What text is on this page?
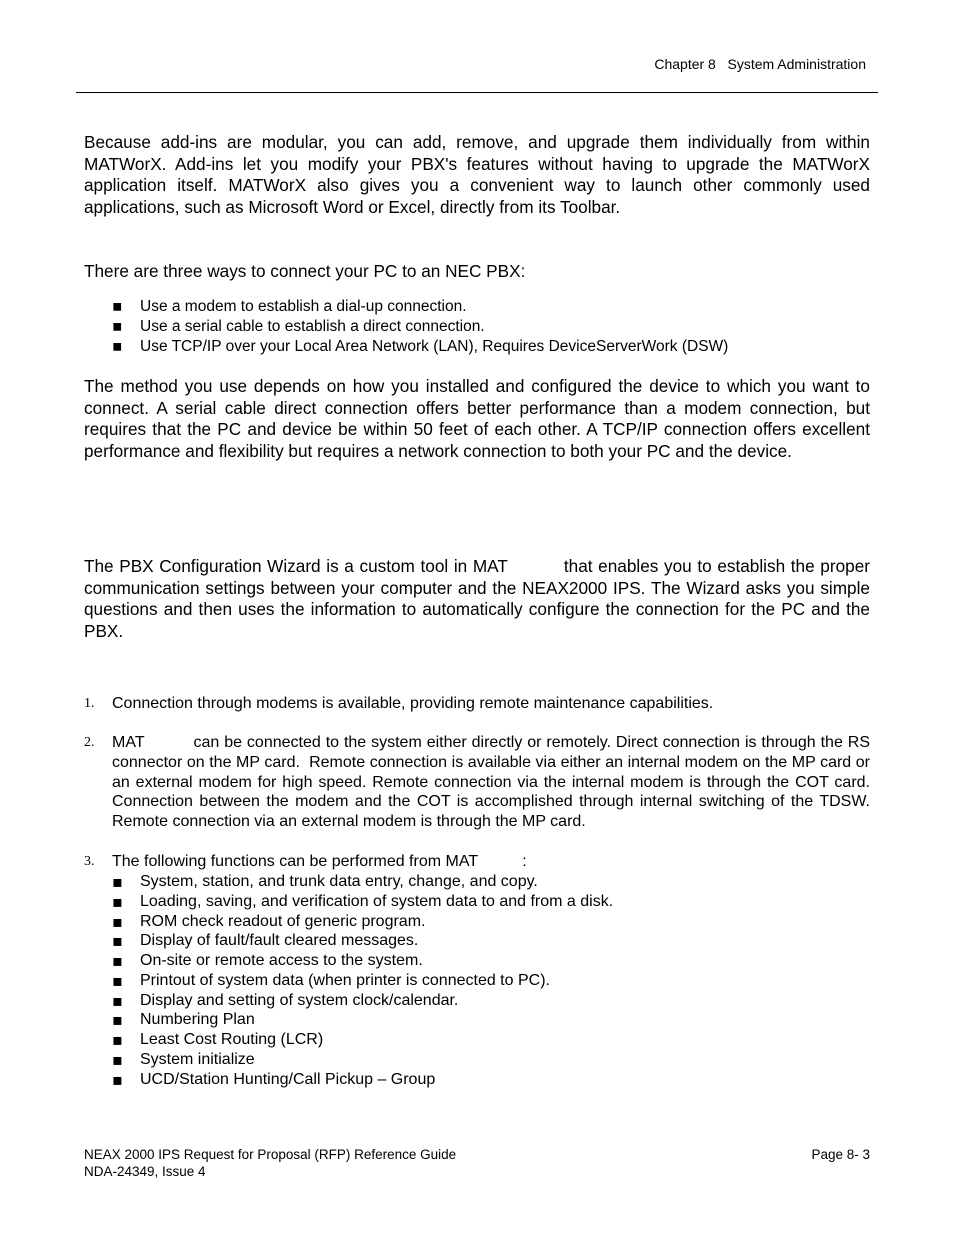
Chapter 8   System Administration
Because add-ins are modular, you can add, remove, and upgrade them individually from within MATWorX. Add-ins let you modify your PBX's features without having to upgrade the MATWorX application itself. MATWorX also gives you a convenient way to launch other commonly used applications, such as Microsoft Word or Excel, directly from its Toolbar.
There are three ways to connect your PC to an NEC PBX:
▪ Use a modem to establish a dial-up connection.
▪ Use a serial cable to establish a direct connection.
▪ Use TCP/IP over your Local Area Network (LAN), Requires DeviceServerWork (DSW)
The method you use depends on how you installed and configured the device to which you want to connect. A serial cable direct connection offers better performance than a modem connection, but requires that the PC and device be within 50 feet of each other. A TCP/IP connection offers excellent performance and flexibility but requires a network connection to both your PC and the device.
The PBX Configuration Wizard is a custom tool in MAT          that enables you to establish the proper communication settings between your computer and the NEAX2000 IPS. The Wizard asks you simple questions and then uses the information to automatically configure the connection for the PC and the PBX.
1. Connection through modems is available, providing remote maintenance capabilities.
2. MAT          can be connected to the system either directly or remotely. Direct connection is through the RS connector on the MP card.  Remote connection is available via either an internal modem on the MP card or an external modem for high speed. Remote connection via the internal modem is through the COT card. Connection between the modem and the COT is accomplished through internal switching of the TDSW. Remote connection via an external modem is through the MP card.
3. The following functions can be performed from MAT          :
▪ System, station, and trunk data entry, change, and copy.
▪ Loading, saving, and verification of system data to and from a disk.
▪ ROM check readout of generic program.
▪ Display of fault/fault cleared messages.
▪ On-site or remote access to the system.
▪ Printout of system data (when printer is connected to PC).
▪ Display and setting of system clock/calendar.
▪ Numbering Plan
▪ Least Cost Routing (LCR)
▪ System initialize
▪ UCD/Station Hunting/Call Pickup – Group
NEAX 2000 IPS Request for Proposal (RFP) Reference Guide
NDA-24349, Issue 4
Page 8- 3
